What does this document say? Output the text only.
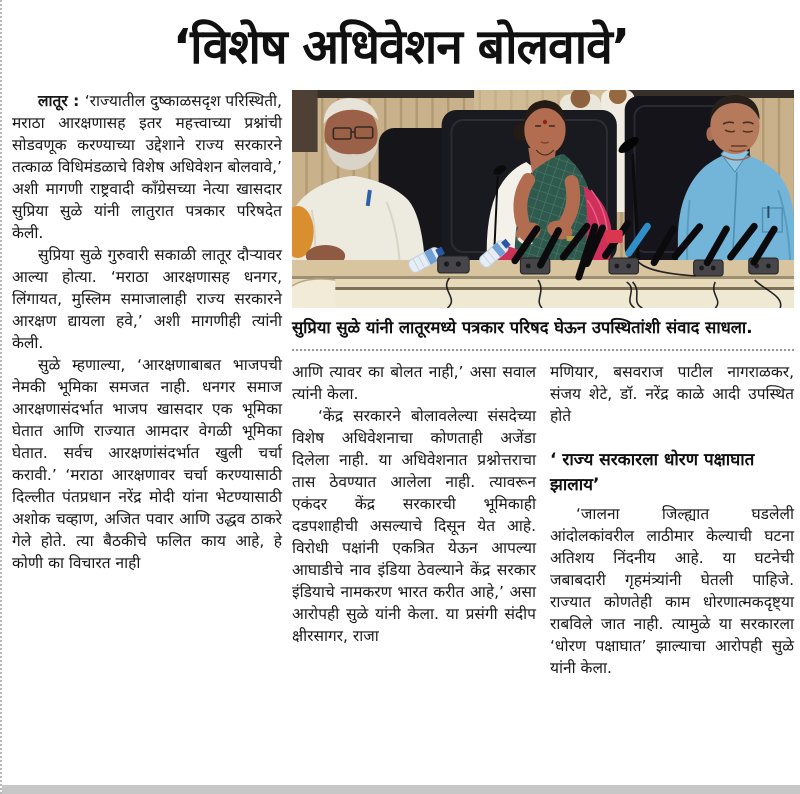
‘विशेष अधिवेशन बोलवावे’

लातूर : ‘राज्यातील दुष्काळसदृश परिस्थिती, मराठा आरक्षणासह इतर महत्त्वाच्या प्रश्नांची सोडवणूक करण्याच्या उद्देशाने राज्य सरकारने तत्काळ विधिमंडळाचे विशेष अधिवेशन बोलवावे,’ अशी मागणी राष्ट्रवादी काँग्रेसच्या नेत्या खासदार सुप्रिया सुळे यांनी लातुरात पत्रकार परिषदेत केली.

सुप्रिया सुळे गुरुवारी सकाळी लातूर दौऱ्यावर आल्या होत्या. ‘मराठा आरक्षणासह धनगर, लिंगायत, मुस्लिम समाजालाही राज्य सरकारने आरक्षण द्यायला हवे,’ अशी मागणीही त्यांनी केली.

सुळे म्हणाल्या, ‘आरक्षणाबाबत भाजपची नेमकी भूमिका समजत नाही. धनगर समाज आरक्षणासंदर्भात भाजप खासदार एक भूमिका घेतात आणि राज्यात आमदार वेगळी भूमिका घेतात. सर्वच आरक्षणांसंदर्भात खुली चर्चा करावी.’ ‘मराठा आरक्षणावर चर्चा करण्यासाठी दिल्लीत पंतप्रधान नरेंद्र मोदी यांना भेटण्यासाठी अशोक चव्हाण, अजित पवार आणि उद्धव ठाकरे गेले होते. त्या बैठकीचे फलित काय आहे, हे कोणी का विचारत नाही

सुप्रिया सुळे यांनी लातूरमध्ये पत्रकार परिषद घेऊन उपस्थितांशी संवाद साधला.

आणि त्यावर का बोलत नाही,’ असा सवाल त्यांनी केला.

‘केंद्र सरकारने बोलावलेल्या संसदेच्या विशेष अधिवेशनाचा कोणताही अजेंडा दिलेला नाही. या अधिवेशनात प्रश्नोत्तराचा तास ठेवण्यात आलेला नाही. त्यावरून एकंदर केंद्र सरकारची भूमिकाही दडपशाहीची असल्याचे दिसून येत आहे. विरोधी पक्षांनी एकत्रित येऊन आपल्या आघाडीचे नाव इंडिया ठेवल्याने केंद्र सरकार इंडियाचे नामकरण भारत करीत आहे,’ असा आरोपही सुळे यांनी केला. या प्रसंगी संदीप क्षीरसागर, राजा

मणियार, बसवराज पाटील नागराळकर, संजय शेटे, डॉ. नरेंद्र काळे आदी उपस्थित होते

‘ राज्य सरकारला धोरण पक्षाघात झालाय’

‘जालना जिल्ह्यात घडलेली आंदोलकांवरील लाठीमार केल्याची घटना अतिशय निंदनीय आहे. या घटनेची जबाबदारी गृहमंत्र्यांनी घेतली पाहिजे. राज्यात कोणतेही काम धोरणात्मकदृष्ट्या राबविले जात नाही. त्यामुळे या सरकारला ‘धोरण पक्षाघात’ झाल्याचा आरोपही सुळे यांनी केला.
